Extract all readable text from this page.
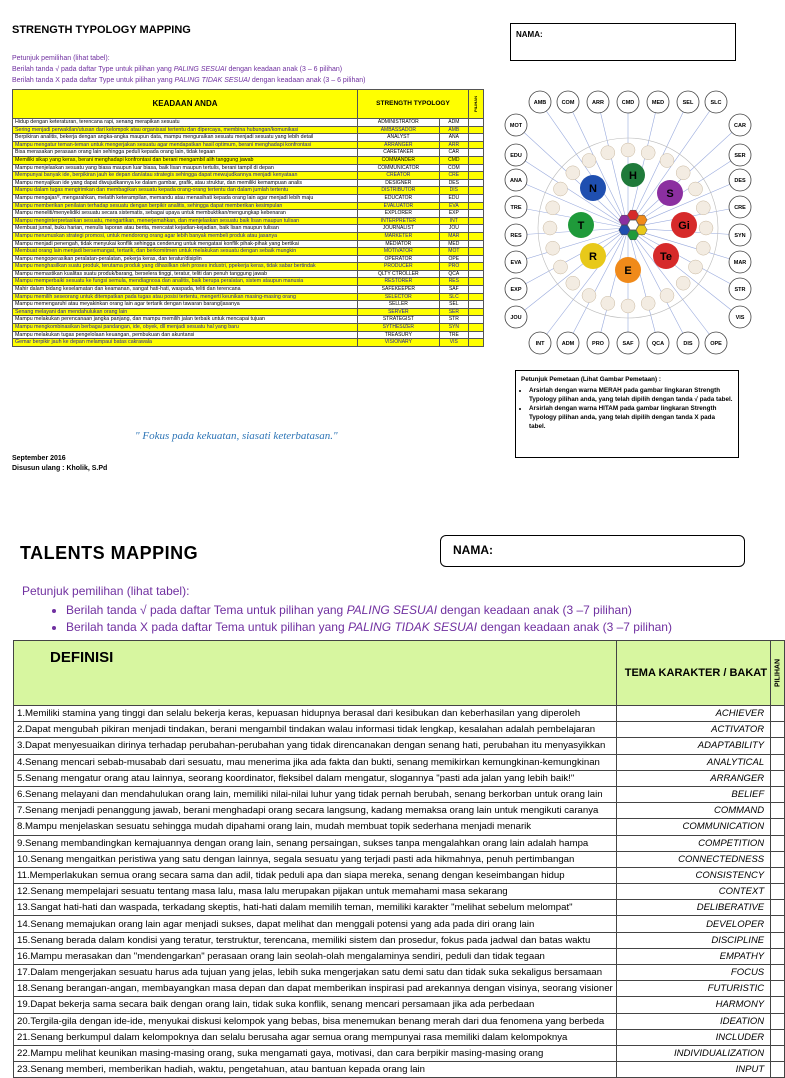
STRENGTH TYPOLOGY MAPPING	NAMA:
Petunjuk pemilihan (lihat tabel):
Berilah tanda √ pada daftar Type untuk pilihan yang PALING SESUAI dengan keadaan anak (3 – 6 pilihan)
Berilah tanda X pada daftar Type untuk pilihan yang PALING TIDAK SESUAI dengan keadaan anak (3 – 6 pilihan)
KEADAAN ANDA	STRENGTH TYPOLOGY		PILIHAN
Hidup dengan keteraturan, terencana rapi, senang merapikan sesuatu	ADMINISTRATOR	ADM	
Sering menjadi perwakilan/utusan dari kelompok atau organisasi tertentu dan dipercaya, membina hubungan/komunikasi	AMBASSADOR	AMB	
Berpikiran analitis, bekerja dengan angka-angka maupun data, mampu menguraikan sesuatu menjadi sesuatu yang lebih detail	ANALYST	ANA	
Mampu mengatur teman-teman untuk mengerjakan sesuatu agar mendapatkan hasil optimum, berani menghadapi konfrontasi	ARRANGER	ARR	
Bisa merasakan perasaan orang lain sehingga peduli kepada orang lain, tidak tegaan	CARETAKER	CAR	
Memiliki sikap yang keras, berani menghadapi konfrontasi dan berani mengambil alih tanggung jawab	COMMANDER	CMD	
Mampu menjelaskan sesuatu yang biasa maupun luar biasa, baik lisan maupun tertulis, berani tampil di depan	COMMUNICATOR	COM	
Mempunyai banyak ide, berpikiran jauh ke depan dan/atau strategis sehingga dapat mewujudkannya menjadi kenyataan	CREATOR	CRE	
Mampu menyajikan ide yang dapat diwujudkannya ke dalam gambar, grafik, atau struktur, dan memiliki kemampuan analis	DESIGNER	DES	
Mampu dalam tugas mengirimkan dan membagikan sesuatu kepada orang-orang tertentu dan dalam jumlah tertentu	DISTRIBUTOR	DIS	
Mampu mengajar/², mengarahkan, melatih keterampilan, memandu atau menasihati kepada orang lain agar menjadi lebih maju	EDUCATOR	EDU	
Mampu memberikan penilaian terhadap sesuatu dengan berpikir analitis, sehingga dapat memberikan kesimpulan	EVALUATOR	EVA	
Mampu meneliti/menyelidiki sesuatu secara sistematis, sebagai upaya untuk membuktikan/mengungkap kebenaran	EXPLORER	EXP	
Mampu menginterpretasikan sesuatu, mengartikan, menerjemahkan, dan menjelaskan sesuatu baik lisan maupun tulisan	INTERPRETER	INT	
Membuat jurnal, buku harian, menulis laporan atau berita, mencatat kejadian-kejadian, baik lisan maupun tulisan	JOURNALIST	JOU	
Mampu merumuskan strategi promosi, untuk mendorong orang agar lebih banyak membeli produk atau jasanya	MARKETER	MAR	
Mampu menjadi penengah, tidak menyukai konflik sehingga cenderung untuk mengatasi konflik pihak-pihak yang bertikai	MEDIATOR	MED	
Membuat orang lain menjadi bersemangat, tertarik, dan berkomitmen untuk melakukan sesuatu dengan sebaik mungkin	MOTIVATOR	MOT	
Mampu mengoperasikan peralatan-peralatan, pekerja keras, dan teratur/disiplin	OPERATOR	OPE	
Mampu menghasilkan suatu produk, terutama produk yang dihasilkan oleh proses industri, ppekerja keras, tidak sabar bertindak	PRODUCER	PRO	
Mampu memastikan kualitas suatu produk/barang, berselera tinggi, teratur, teliti dan penuh tanggung jawab	QLTY CTROLLER	QCA	
Mampu memperbaiki sesuatu ke fungsi semula, mendiagnosa dan analitis, baik berupa peralatan, sistem ataupun manusia	RESTORER	RES	
Mahir dalam bidang keselamatan dan keamanan, sangat hati-hati, waspada, teliti dan terencana	SAFEKEEPER	SAF	
Mampu memilih seseorang untuk ditempatkan pada tugas atau posisi tertentu, mengerti keunikan masing-masing orang	SELECTOR	SLC	
Mampu memengaruhi atau meyakinkan orang lain agar tertarik dengan tawaran barang/jasanya	SELLER	SEL	
Senang melayani dan mendahulukan orang lain	SERVER	SER	
Mampu melakukan perencanaan jangka panjang, dan mampu memilih jalan terbaik untuk mencapai tujuan	STRATEGIST	STR	
Mampu mengkombinasikan berbagai pandangan, ide, obyek, dll menjadi sesuatu hal yang baru	SYTHESIZER	SYN	
Mampu melakukan tugas pengelolaan keuangan, pembukuan dan akuntansi	TREASURY	TRE	
Gemar berpikir jauh ke depan melampaui batas cakrawala	VISIONARY	VIS	
AMB	COM	ARR	CMD	MED	SEL	SLC
MOT
EDU
ANA
TRE
RES
EVA
EXP
JOU
CAR
SER
DES
CRE
SYN
MAR
STR
VIS
INT	ADM	PRO	SAF	QCA	DIS	OPE
H
N	S
T	Gi
R
E
Te
Petunjuk Pemetaan (Lihat Gambar Pemetaan) :
• Arsirlah dengan warna MERAH pada gambar lingkaran Strength Typology pilihan anda, yang telah dipilih dengan tanda √ pada tabel.
• Arsirlah dengan warna HITAM pada gambar lingkaran Strength Typology pilihan anda, yang telah dipilih dengan tanda X pada tabel.
" Fokus pada kekuatan, siasati keterbatasan."
September 2016
Disusun ulang : Kholik, S.Pd
TALENTS MAPPING	NAMA:
Petunjuk pemilihan (lihat tabel):
• Berilah tanda √ pada daftar Tema untuk pilihan yang PALING SESUAI dengan keadaan anak (3 –7 pilihan)
• Berilah tanda X pada daftar Tema untuk pilihan yang PALING TIDAK SESUAI dengan keadaan anak (3 –7 pilihan)
DEFINISI	TEMA KARAKTER / BAKAT	PILIHAN
1.Memiliki stamina yang tinggi dan selalu bekerja keras, kepuasan hidupnya berasal dari kesibukan dan keberhasilan yang diperoleh	ACHIEVER	
2.Dapat mengubah pikiran menjadi tindakan, berani mengambil tindakan walau informasi tidak lengkap, kesalahan adalah pembelajaran	ACTIVATOR	
3.Dapat menyesuaikan dirinya terhadap perubahan-perubahan yang tidak direncanakan dengan senang hati, perubahan itu menyasyikkan	ADAPTABILITY	
4.Senang mencari sebab-musabab dari sesuatu, mau menerima jika ada fakta dan bukti, senang memikirkan kemungkinan-kemungkinan	ANALYTICAL	
5.Senang mengatur orang atau lainnya, seorang koordinator, fleksibel dalam mengatur, slogannya "pasti ada jalan yang lebih baik!"	ARRANGER	
6.Senang melayani dan mendahulukan orang lain, memiliki nilai-nilai luhur yang tidak pernah berubah, senang berkorban untuk orang lain	BELIEF	
7.Senang menjadi penanggung jawab, berani menghadapi orang secara langsung, kadang memaksa orang lain untuk mengikuti caranya	COMMAND	
8.Mampu menjelaskan sesuatu sehingga mudah dipahami orang lain, mudah membuat topik sederhana menjadi menarik	COMMUNICATION	
9.Senang membandingkan kemajuannya dengan orang lain, senang persaingan, sukses tanpa mengalahkan orang lain adalah hampa	COMPETITION	
10.Senang mengaitkan peristiwa yang satu dengan lainnya, segala sesuatu yang terjadi pasti ada hikmahnya, penuh pertimbangan	CONNECTEDNESS	
11.Memperlakukan semua orang secara sama dan adil, tidak peduli apa dan siapa mereka, senang dengan keseimbangan hidup	CONSISTENCY	
12.Senang mempelajari sesuatu tentang masa lalu, masa lalu merupakan pijakan untuk memahami masa sekarang	CONTEXT	
13.Sangat hati-hati dan waspada, terkadang skeptis, hati-hati dalam memilih teman, memiliki karakter "melihat sebelum melompat"	DELIBERATIVE	
14.Senang memajukan orang lain agar menjadi sukses, dapat melihat dan menggali potensi yang ada pada diri orang lain	DEVELOPER	
15.Senang berada dalam kondisi yang teratur, terstruktur, terencana, memiliki sistem dan prosedur, fokus pada jadwal dan batas waktu	DISCIPLINE	
16.Mampu merasakan dan "mendengarkan" perasaan orang lain seolah-olah mengalaminya sendiri, peduli dan tidak tegaan	EMPATHY	
17.Dalam mengerjakan sesuatu harus ada tujuan yang jelas, lebih suka mengerjakan satu demi satu dan tidak suka sekaligus bersamaan	FOCUS	
18.Senang berangan-angan, membayangkan masa depan dan dapat memberikan inspirasi pad arekannya dengan visinya, seorang visioner	FUTURISTIC	
19.Dapat bekerja sama secara baik dengan orang lain, tidak suka konflik, senang mencari persamaan jika ada perbedaan	HARMONY	
20.Tergila-gila dengan ide-ide, menyukai diskusi kelompok yang bebas, bisa menemukan benang merah dari dua fenomena yang berbeda	IDEATION	
21.Senang berkumpul dalam kelompoknya dan selalu berusaha agar semua orang mempunyai rasa memiliki dalam kelompoknya	INCLUDER	
22.Mampu melihat keunikan masing-masing orang, suka mengamati gaya, motivasi, dan cara berpikir masing-masing orang	INDIVIDUALIZATION	
23.Senang memberi, memberikan hadiah, waktu, pengetahuan, atau bantuan kepada orang lain	INPUT	
